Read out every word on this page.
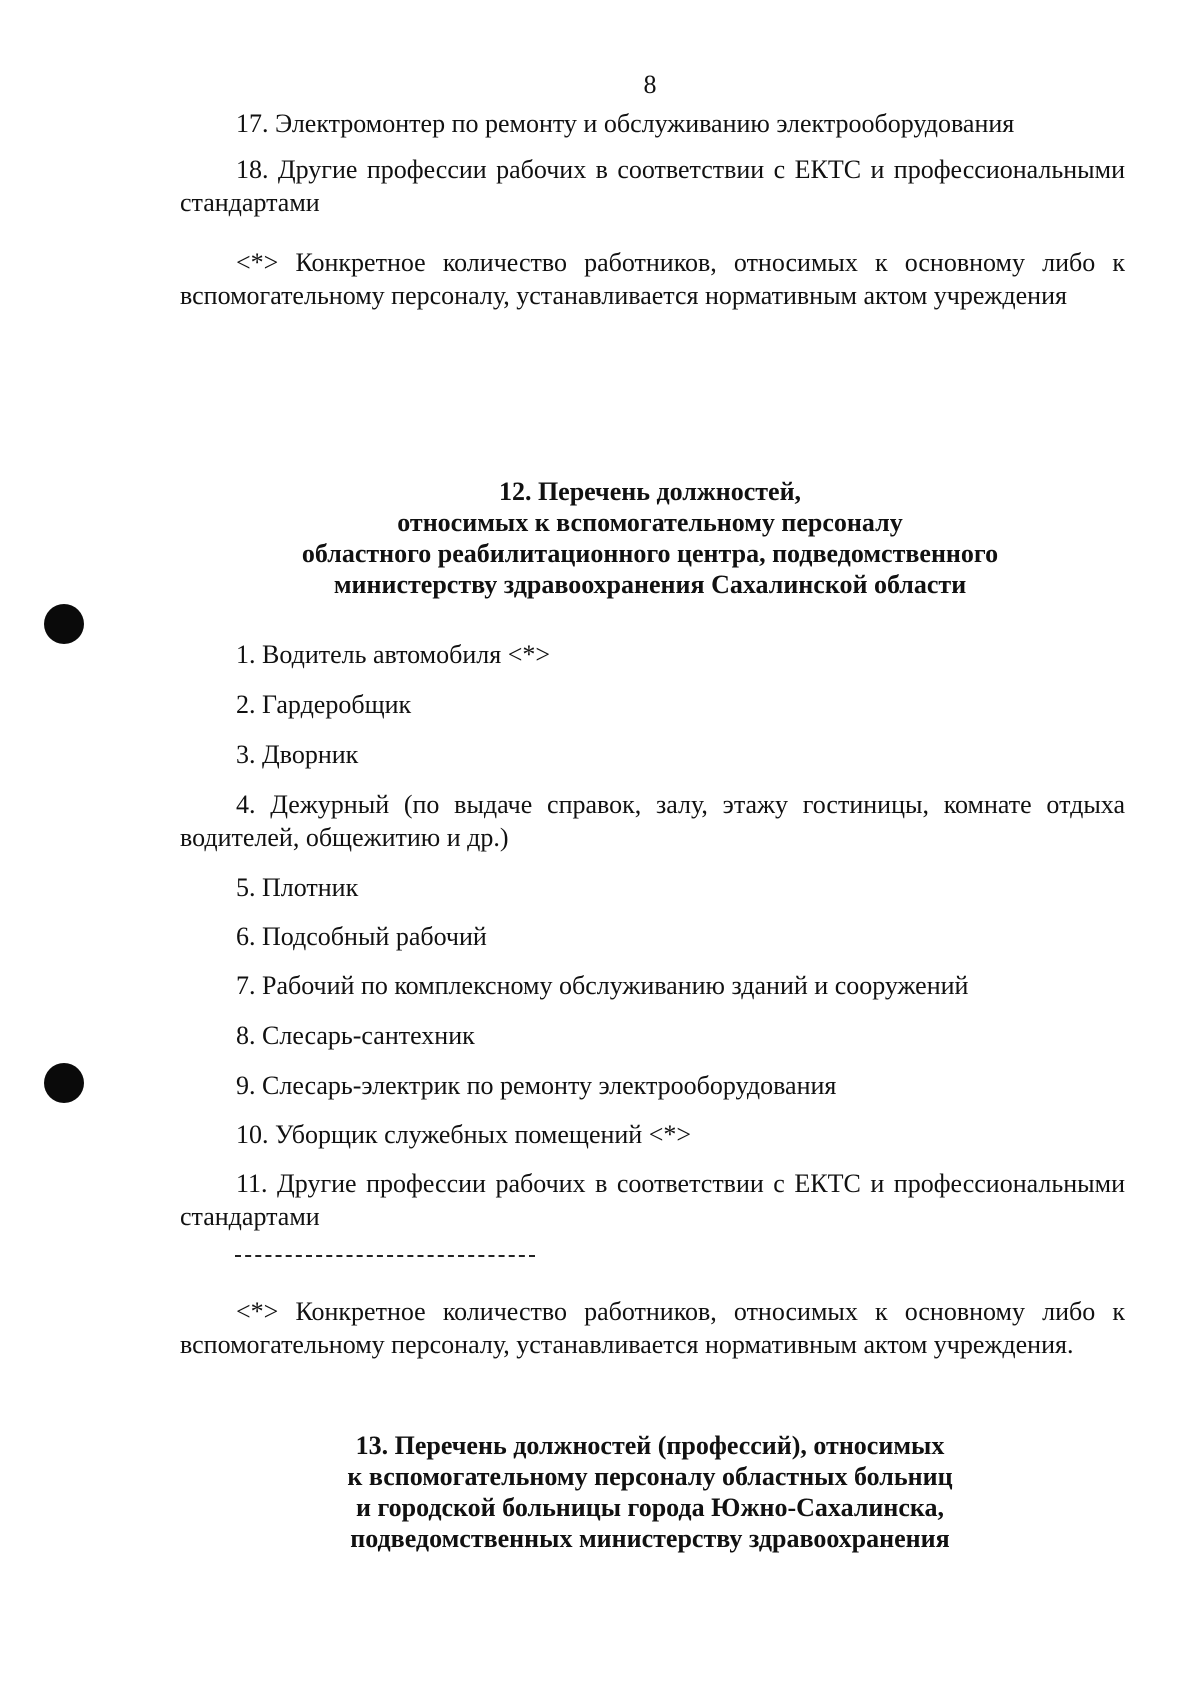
8

17. Электромонтер по ремонту и обслуживанию электрооборудования

18. Другие профессии рабочих в соответствии с ЕКТС и профессиональными стандартами

<*> Конкретное количество работников, относимых к основному либо к вспомогательному персоналу, устанавливается нормативным актом учреждения

12. Перечень должностей,
относимых к вспомогательному персоналу
областного реабилитационного центра, подведомственного
министерству здравоохранения Сахалинской области

1. Водитель автомобиля <*>

2. Гардеробщик

3. Дворник

4. Дежурный (по выдаче справок, залу, этажу гостиницы, комнате отдыха водителей, общежитию и др.)

5. Плотник

6. Подсобный рабочий

7. Рабочий по комплексному обслуживанию зданий и сооружений

8. Слесарь-сантехник

9. Слесарь-электрик по ремонту электрооборудования

10. Уборщик служебных помещений <*>

11. Другие профессии рабочих в соответствии с ЕКТС и профессиональными стандартами

<*> Конкретное количество работников, относимых к основному либо к вспомогательному персоналу, устанавливается нормативным актом учреждения.

13. Перечень должностей (профессий), относимых
к вспомогательному персоналу областных больниц
и городской больницы города Южно-Сахалинска,
подведомственных министерству здравоохранения
